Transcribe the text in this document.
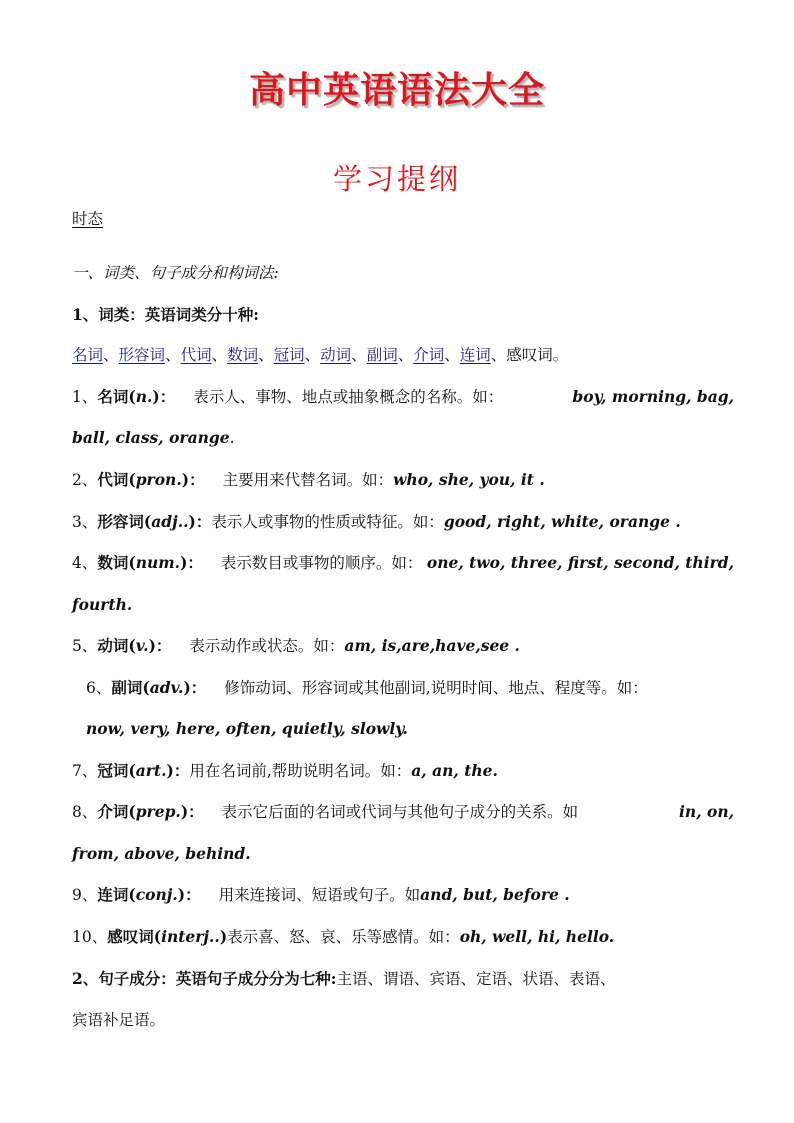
高中英语语法大全
学习提纲
时态
一、词类、句子成分和构词法:
1、词类：英语词类分十种:
名词、形容词、代词、数词、冠词、动词、副词、介词、连词、感叹词。
1、名词(n.)： 表示人、事物、地点或抽象概念的名称。如：	boy, morning, bag,
ball, class, orange.
2、代词(pron.)： 主要用来代替名词。如：who, she, you, it .
3、形容词(adj..)：表示人或事物的性质或特征。如：good, right, white, orange .
4、数词(num.)： 表示数目或事物的顺序。如： one, two, three, first, second, third,
fourth.
5、动词(v.)： 表示动作或状态。如：am, is,are,have,see .
6、副词(adv.)： 修饰动词、形容词或其他副词,说明时间、地点、程度等。如：
now, very, here, often, quietly, slowly.
7、冠词(art.)：用在名词前,帮助说明名词。如：a, an, the.
8、介词(prep.)： 表示它后面的名词或代词与其他句子成分的关系。如	in, on,
from, above, behind.
9、连词(conj.)： 用来连接词、短语或句子。如and, but, before .
10、感叹词(interj..)表示喜、怒、哀、乐等感情。如：oh, well, hi, hello.
2、句子成分：英语句子成分分为七种:主语、谓语、宾语、定语、状语、表语、
宾语补足语。
